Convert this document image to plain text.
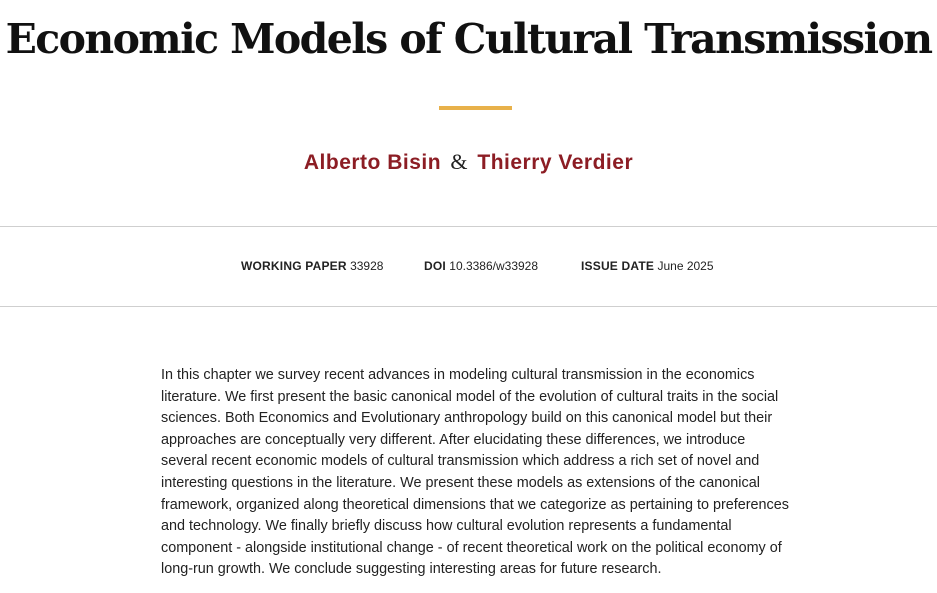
Economic Models of Cultural Transmission
Alberto Bisin & Thierry Verdier
WORKING PAPER 33928	DOI 10.3386/w33928	ISSUE DATE June 2025

In this chapter we survey recent advances in modeling cultural transmission in the economics literature. We first present the basic canonical model of the evolution of cultural traits in the social sciences. Both Economics and Evolutionary anthropology build on this canonical model but their approaches are conceptually very different. After elucidating these differences, we introduce several recent economic models of cultural transmission which address a rich set of novel and interesting questions in the literature. We present these models as extensions of the canonical framework, organized along theoretical dimensions that we categorize as pertaining to preferences and technology. We finally briefly discuss how cultural evolution represents a fundamental component - alongside institutional change - of recent theoretical work on the political economy of long-run growth. We conclude suggesting interesting areas for future research.
